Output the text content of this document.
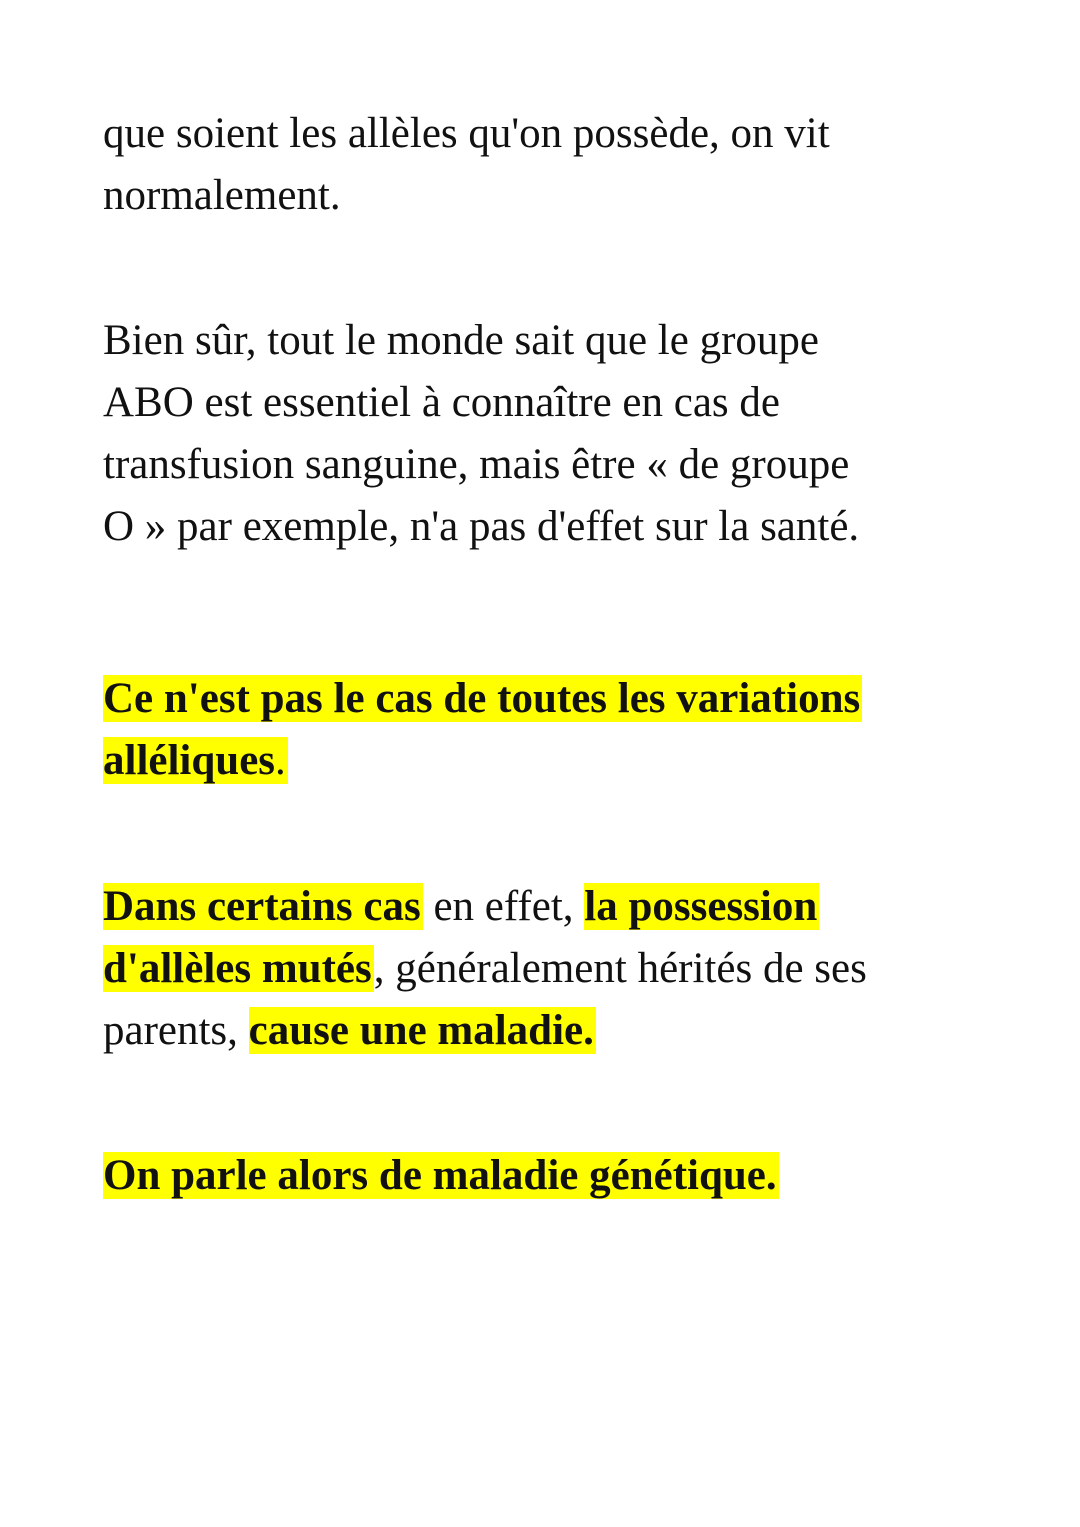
que soient les allèles qu'on possède, on vit
normalement.

Bien sûr, tout le monde sait que le groupe
ABO est essentiel à connaître en cas de
transfusion sanguine, mais être « de groupe
O » par exemple, n'a pas d'effet sur la santé.

Ce n'est pas le cas de toutes les variations
alléliques.

Dans certains cas en effet, la possession
d'allèles mutés, généralement hérités de ses
parents, cause une maladie.

On parle alors de maladie génétique.
